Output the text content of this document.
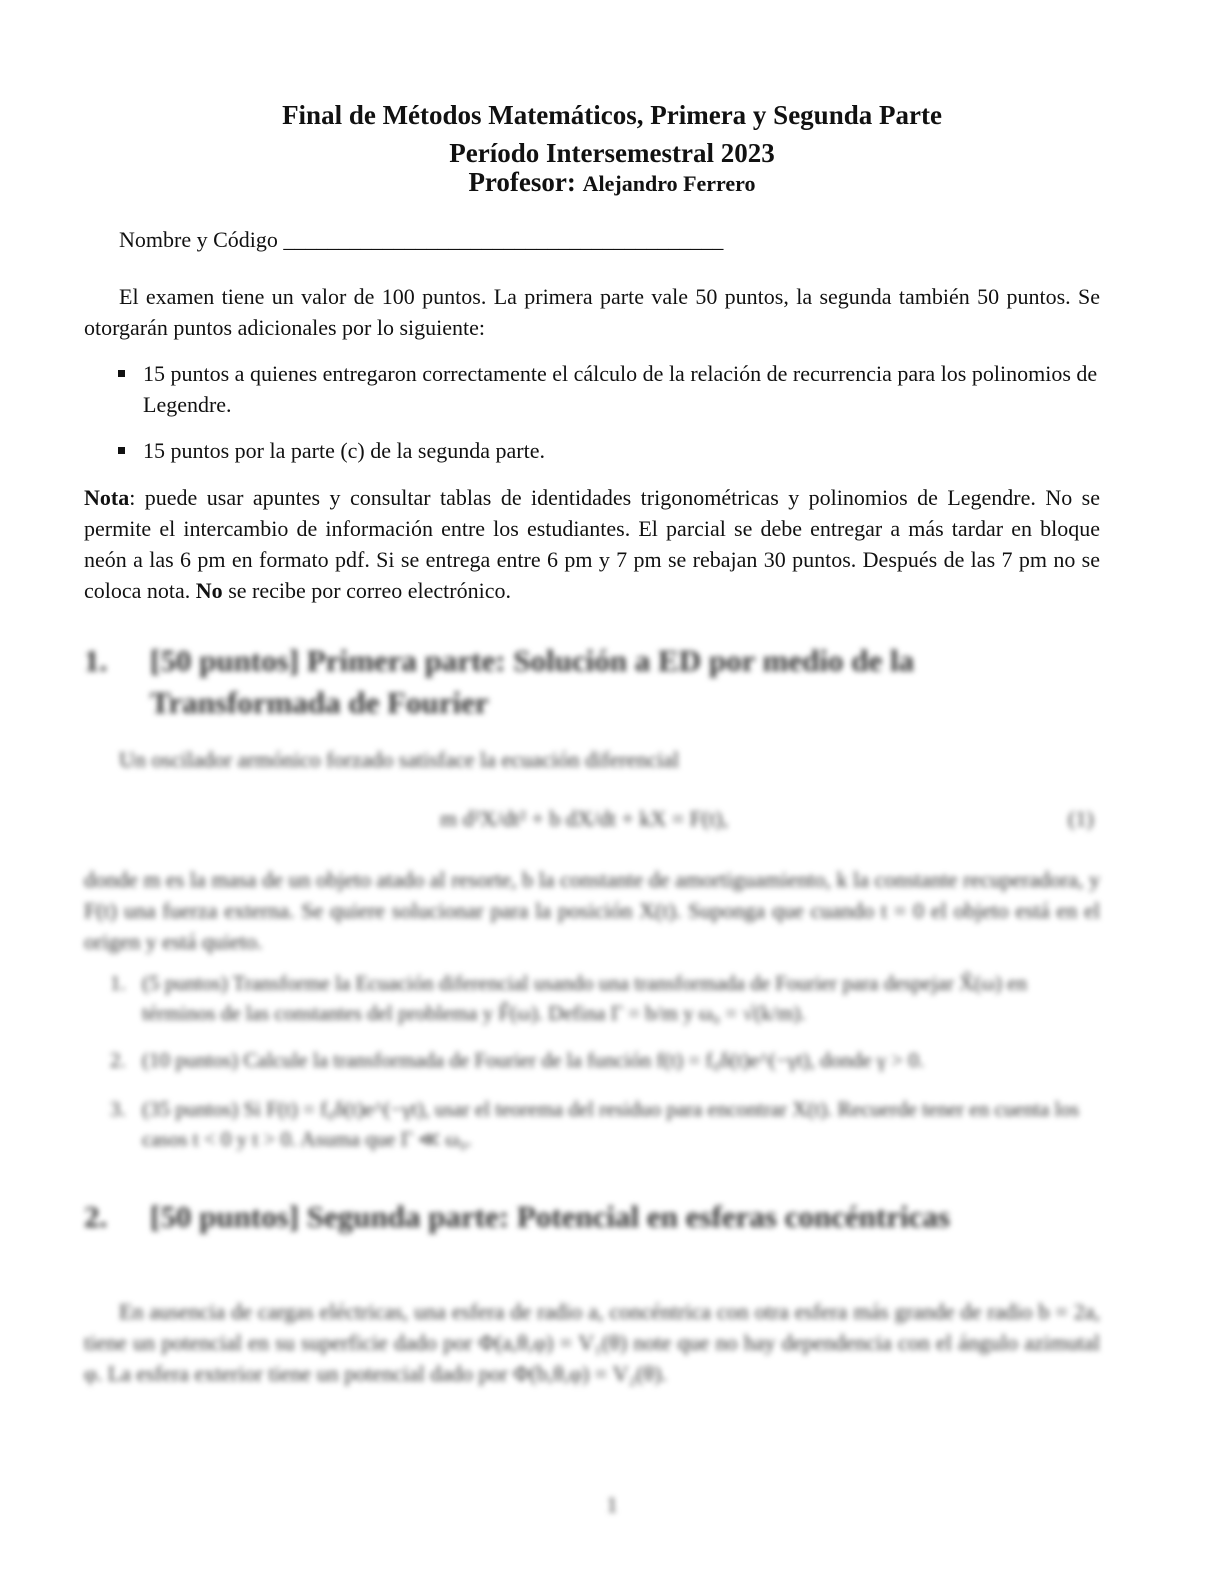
Final de Métodos Matemáticos, Primera y Segunda Parte
Período Intersemestral 2023
Profesor: Alejandro Ferrero
Nombre y Código ________________________________________
El examen tiene un valor de 100 puntos. La primera parte vale 50 puntos, la segunda también 50 puntos. Se otorgarán puntos adicionales por lo siguiente:
15 puntos a quienes entregaron correctamente el cálculo de la relación de recurrencia para los polinomios de Legendre.
15 puntos por la parte (c) de la segunda parte.
Nota: puede usar apuntes y consultar tablas de identidades trigonométricas y polinomios de Legendre. No se permite el intercambio de información entre los estudiantes. El parcial se debe entregar a más tardar en bloque neón a las 6 pm en formato pdf. Si se entrega entre 6 pm y 7 pm se rebajan 30 puntos. Después de las 7 pm no se coloca nota. No se recibe por correo electrónico.
1.	[50 puntos] Primera parte: Solución a ED por medio de la Transformada de Fourier
Un oscilador armónico forzado satisface la ecuación diferencial
m d²X/dt² + b dX/dt + kX = F(t),	(1)
donde m es la masa de un objeto atado al resorte, b la constante de amortiguamiento, k la constante recuperadora, y F(t) una fuerza externa. Se quiere solucionar para la posición X(t). Suponga que cuando t = 0 el objeto está en el origen y está quieto.
1. (5 puntos) Transforme la Ecuación diferencial usando una transformada de Fourier para despejar X̃(ω) en términos de las constantes del problema y F̃(ω). Defina Γ = b/m y ω₀ = √(k/m).
2. (10 puntos) Calcule la transformada de Fourier de la función f(t) = f₀δ(t)e^(−γt), donde γ > 0.
3. (35 puntos) Si F(t) = f₀δ(t)e^(−γt), usar el teorema del residuo para encontrar X(t). Recuerde tener en cuenta los casos t < 0 y t > 0. Asuma que Γ ≪ ω₀.
2.	[50 puntos] Segunda parte: Potencial en esferas concéntricas
En ausencia de cargas eléctricas, una esfera de radio a, concéntrica con otra esfera más grande de radio b = 2a, tiene un potencial en su superficie dado por Φ(a,θ,φ) = V₁(θ) note que no hay dependencia con el ángulo azimutal φ. La esfera exterior tiene un potencial dado por Φ(b,θ,φ) = V₂(θ).
1
